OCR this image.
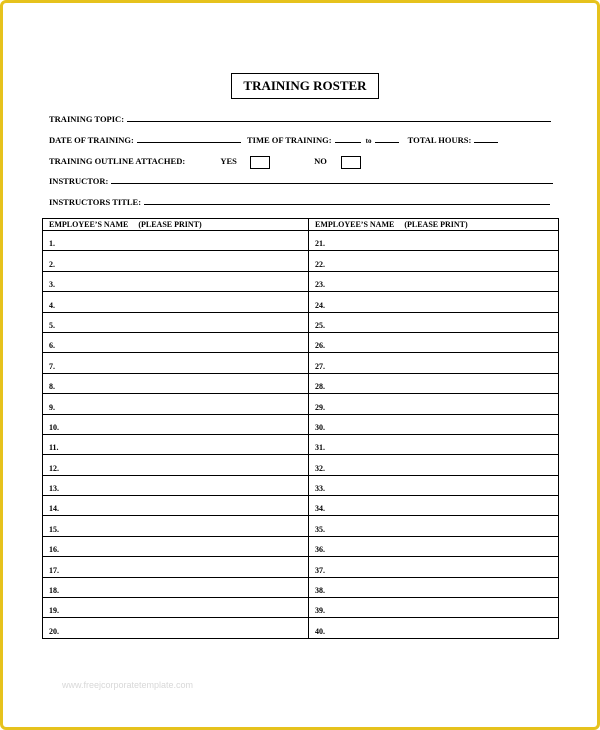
TRAINING ROSTER
TRAINING TOPIC:
DATE OF TRAINING:	TIME OF TRAINING:	to	TOTAL HOURS:
TRAINING OUTLINE ATTACHED:	YES	NO
INSTRUCTOR:
INSTRUCTORS TITLE:
EMPLOYEE’S NAME     (PLEASE PRINT)	EMPLOYEE’S NAME     (PLEASE PRINT)
1.	21.
2.	22.
3.	23.
4.	24.
5.	25.
6.	26.
7.	27.
8.	28.
9.	29.
10.	30.
11.	31.
12.	32.
13.	33.
14.	34.
15.	35.
16.	36.
17.	37.
18.	38.
19.	39.
20.	40.
www.freejcorporatetemplate.com
